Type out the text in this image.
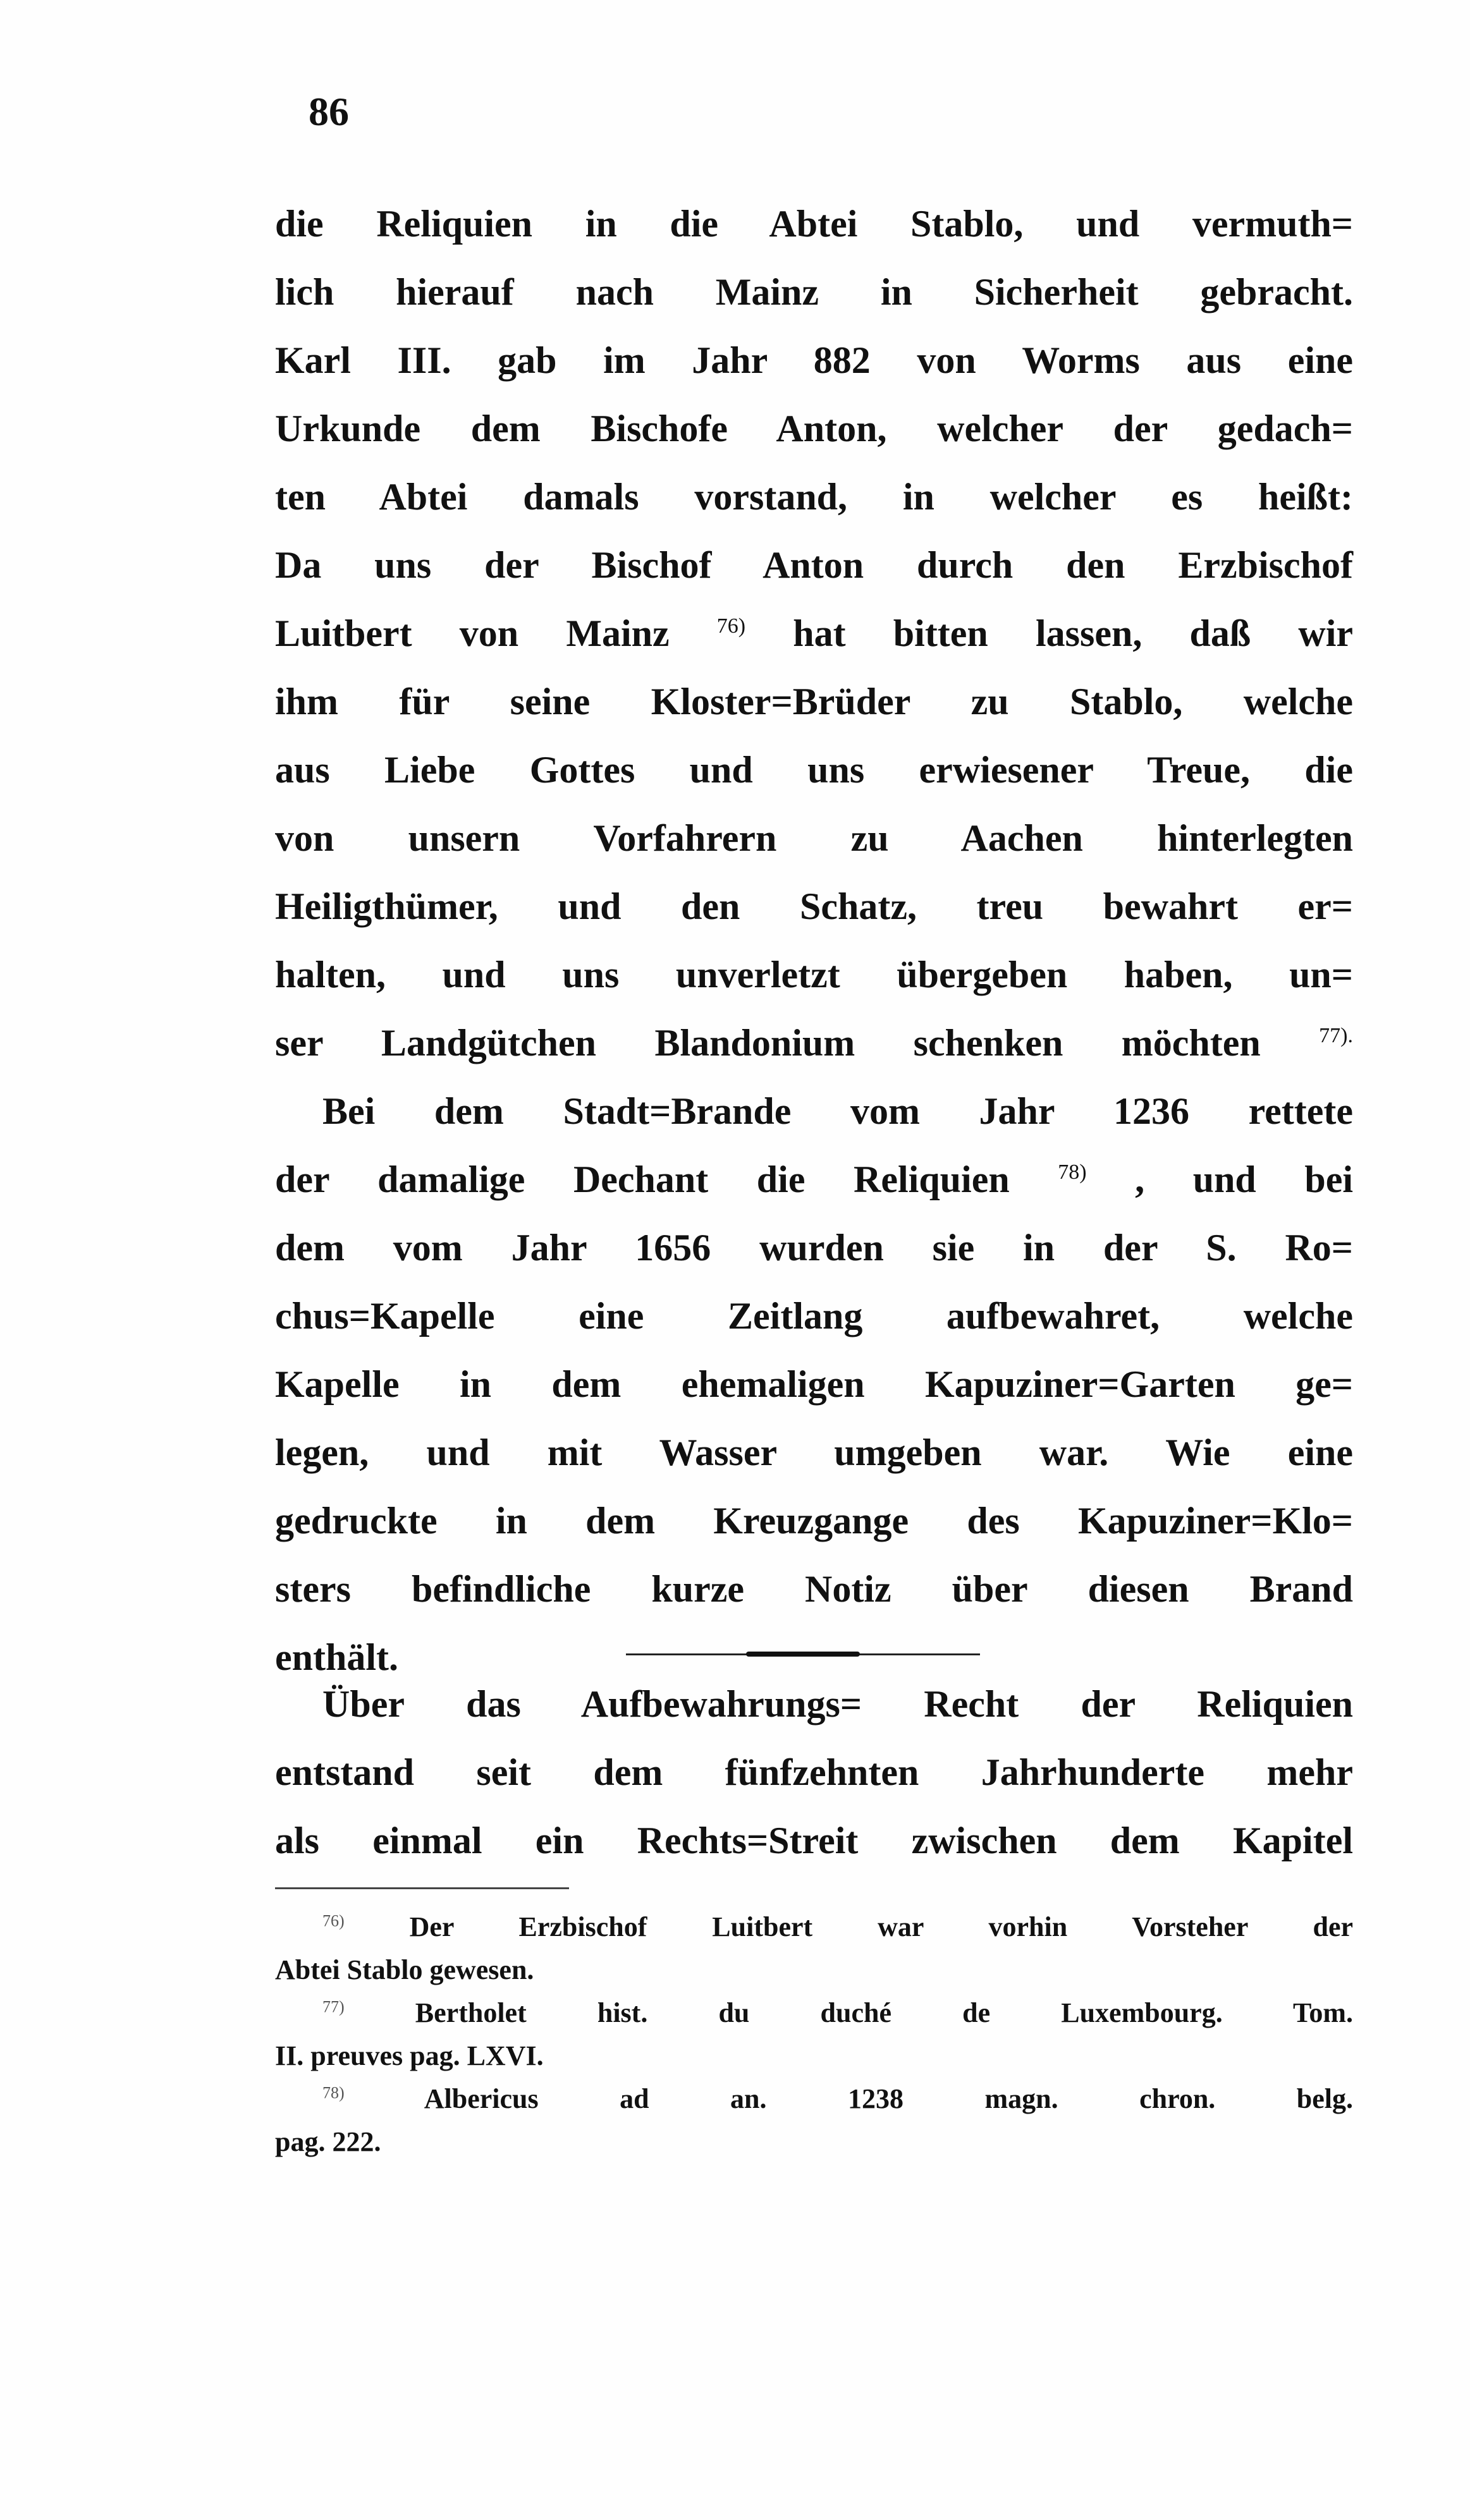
86
die Reliquien in die Abtei Stablo, und vermuth=
lich hierauf nach Mainz in Sicherheit gebracht.
Karl III. gab im Jahr 882 von Worms aus eine
Urkunde dem Bischofe Anton, welcher der gedach=
ten Abtei damals vorstand, in welcher es heißt:
Da uns der Bischof Anton durch den Erzbischof
Luitbert von Mainz $^{76)}$ hat bitten lassen, daß wir
ihm für seine Kloster=Brüder zu Stablo, welche
aus Liebe Gottes und uns erwiesener Treue, die
von unsern Vorfahrern zu Aachen hinterlegten
Heiligthümer, und den Schatz, treu bewahrt er=
halten, und uns unverletzt übergeben haben, un=
ser Landgütchen Blandonium schenken möchten	$^{77).}$
Bei dem Stadt=Brande vom Jahr 1236 rettete
der damalige Dechant die Reliquien $^{78)}$ , und bei
dem vom Jahr 1656 wurden sie in der S. Ro=
chus=Kapelle eine Zeitlang aufbewahret, welche
Kapelle in dem ehemaligen Kapuziner=Garten ge=
legen, und mit Wasser umgeben war. Wie eine
gedruckte in dem Kreuzgange des Kapuziner=Klo=
sters befindliche kurze Notiz über diesen Brand
enthält.
Über das Aufbewahrungs= Recht der Reliquien
entstand seit dem fünfzehnten Jahrhunderte mehr
als einmal ein Rechts=Streit zwischen dem Kapitel
$^{76)}$ Der Erzbischof Luitbert war vorhin Vorsteher der
Abtei Stablo gewesen.
$^{77)}$	Bertholet hist. du duché de Luxembourg. Tom.
II. preuves pag. LXVI.
$^{78)}$	Albericus ad an. 1238 magn. chron. belg.
pag. 222.
